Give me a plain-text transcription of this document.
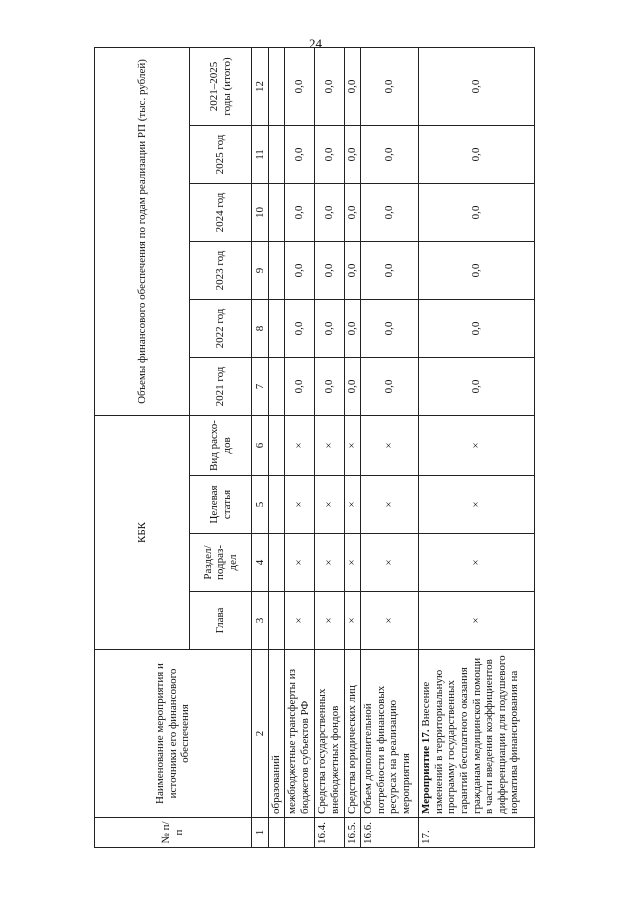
24
№ п/п	Наименование мероприятия и источники его финансового обеспечения	КБК				Объемы финансового обеспечения по годам реализации РП (тыс. рублей)					
		Глава	Раздел/ подраз- дел	Целевая статья	Вид расхо- дов	2021 год	2022 год	2023 год	2024 год	2025 год	2021–2025 годы (итого)
1	2	3	4	5	6	7	8	9	10	11	12
	образований										
	межбюджетные трансферты из бюджетов субъектов РФ	×	×	×	×	0,0	0,0	0,0	0,0	0,0	0,0
16.4.	Средства государственных внебюджетных фондов	×	×	×	×	0,0	0,0	0,0	0,0	0,0	0,0
16.5.	Средства юридических лиц	×	×	×	×	0,0	0,0	0,0	0,0	0,0	0,0
16.6.	Объем дополнительной потребности в финансовых ресурсах на реализацию мероприятия	×	×	×	×	0,0	0,0	0,0	0,0	0,0	0,0
17.	Мероприятие 17. Внесение изменений в территориальную программу государственных гарантий бесплатного оказания гражданам медицинской помощи в части введения коэффициентов дифференциации для подушевого норматива финансирования на	×	×	×	×	0,0	0,0	0,0	0,0	0,0	0,0
